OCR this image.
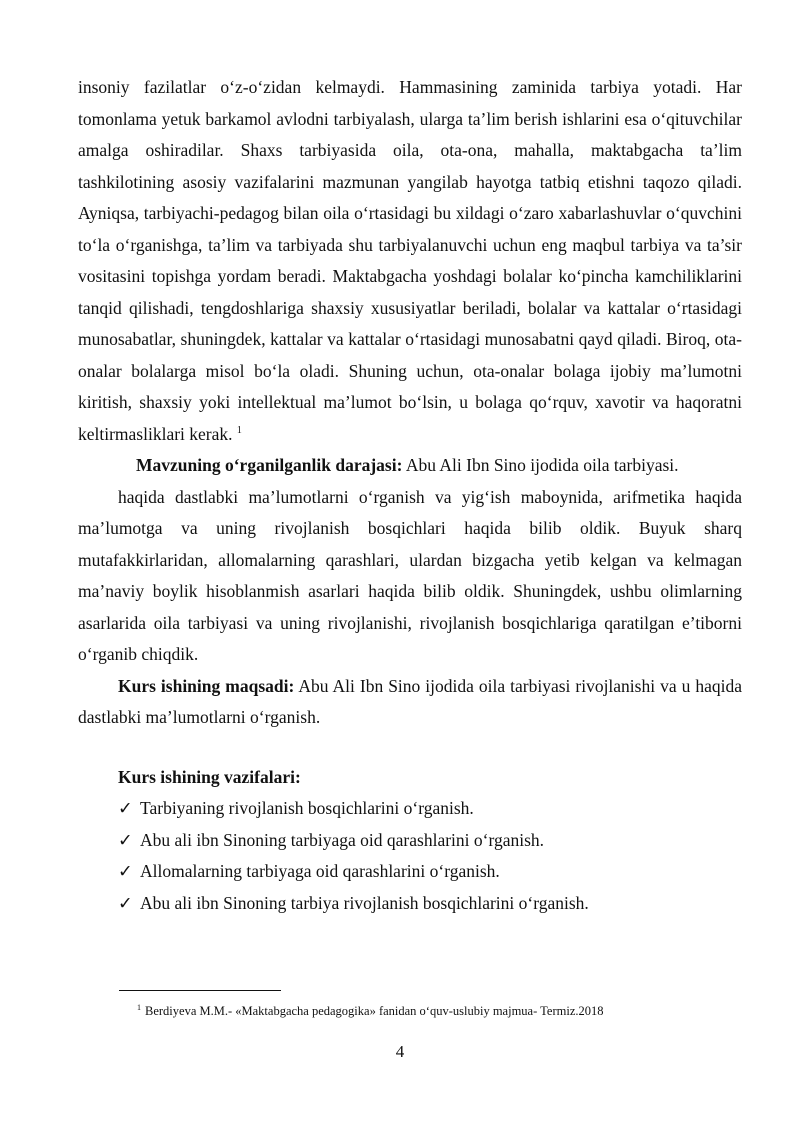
insoniy fazilatlar o‘z-o‘zidan kelmaydi. Hammasining zaminida tarbiya yotadi. Har tomonlama yetuk barkamol avlodni tarbiyalash, ularga ta’lim berish ishlarini esa o‘qituvchilar amalga oshiradilar. Shaxs tarbiyasida oila, ota-ona, mahalla, maktabgacha ta’lim tashkilotining asosiy vazifalarini mazmunan yangilab hayotga tatbiq etishni taqozo qiladi. Ayniqsa, tarbiyachi-pedagog bilan oila o‘rtasidagi bu xildagi o‘zaro xabarlashuvlar o‘quvchini to‘la o‘rganishga, ta’lim va tarbiyada shu tarbiyalanuvchi uchun eng maqbul tarbiya va ta’sir vositasini topishga yordam beradi. Maktabgacha yoshdagi bolalar ko‘pincha kamchiliklarini tanqid qilishadi, tengdoshlariga shaxsiy xususiyatlar beriladi, bolalar va kattalar o‘rtasidagi munosabatlar, shuningdek, kattalar va kattalar o‘rtasidagi munosabatni qayd qiladi. Biroq, ota-onalar bolalarga misol bo‘la oladi. Shuning uchun, ota-onalar bolaga ijobiy ma’lumotni kiritish, shaxsiy yoki intellektual ma’lumot bo‘lsin, u bolaga qo‘rquv, xavotir va haqoratni keltirmasliklari kerak. $^1$

Mavzuning o‘rganilganlik darajasi: Abu Ali Ibn Sino ijodida oila tarbiyasi.

haqida dastlabki ma’lumotlarni o‘rganish va yig‘ish maboynida, arifmetika haqida ma’lumotga va uning rivojlanish bosqichlari haqida bilib oldik. Buyuk sharq mutafakkirlaridan, allomalarning qarashlari, ulardan bizgacha yetib kelgan va kelmagan ma’naviy boylik hisoblanmish asarlari haqida bilib oldik. Shuningdek, ushbu olimlarning asarlarida oila tarbiyasi va uning rivojlanishi, rivojlanish bosqichlariga qaratilgan e’tiborni o‘rganib chiqdik.

Kurs ishining maqsadi: Abu Ali Ibn Sino ijodida oila tarbiyasi rivojlanishi va u haqida dastlabki ma’lumotlarni o‘rganish.

Kurs ishining vazifalari:

✓ Tarbiyaning rivojlanish bosqichlarini o‘rganish.
✓ Abu ali ibn Sinoning tarbiyaga oid qarashlarini o‘rganish.
✓ Allomalarning tarbiyaga oid qarashlarini o‘rganish.
✓ Abu ali ibn Sinoning tarbiya rivojlanish bosqichlarini o‘rganish.
$^1$ Berdiyeva M.M.- «Maktabgacha pedagogika» fanidan o‘quv-uslubiy majmua- Termiz.2018
4
